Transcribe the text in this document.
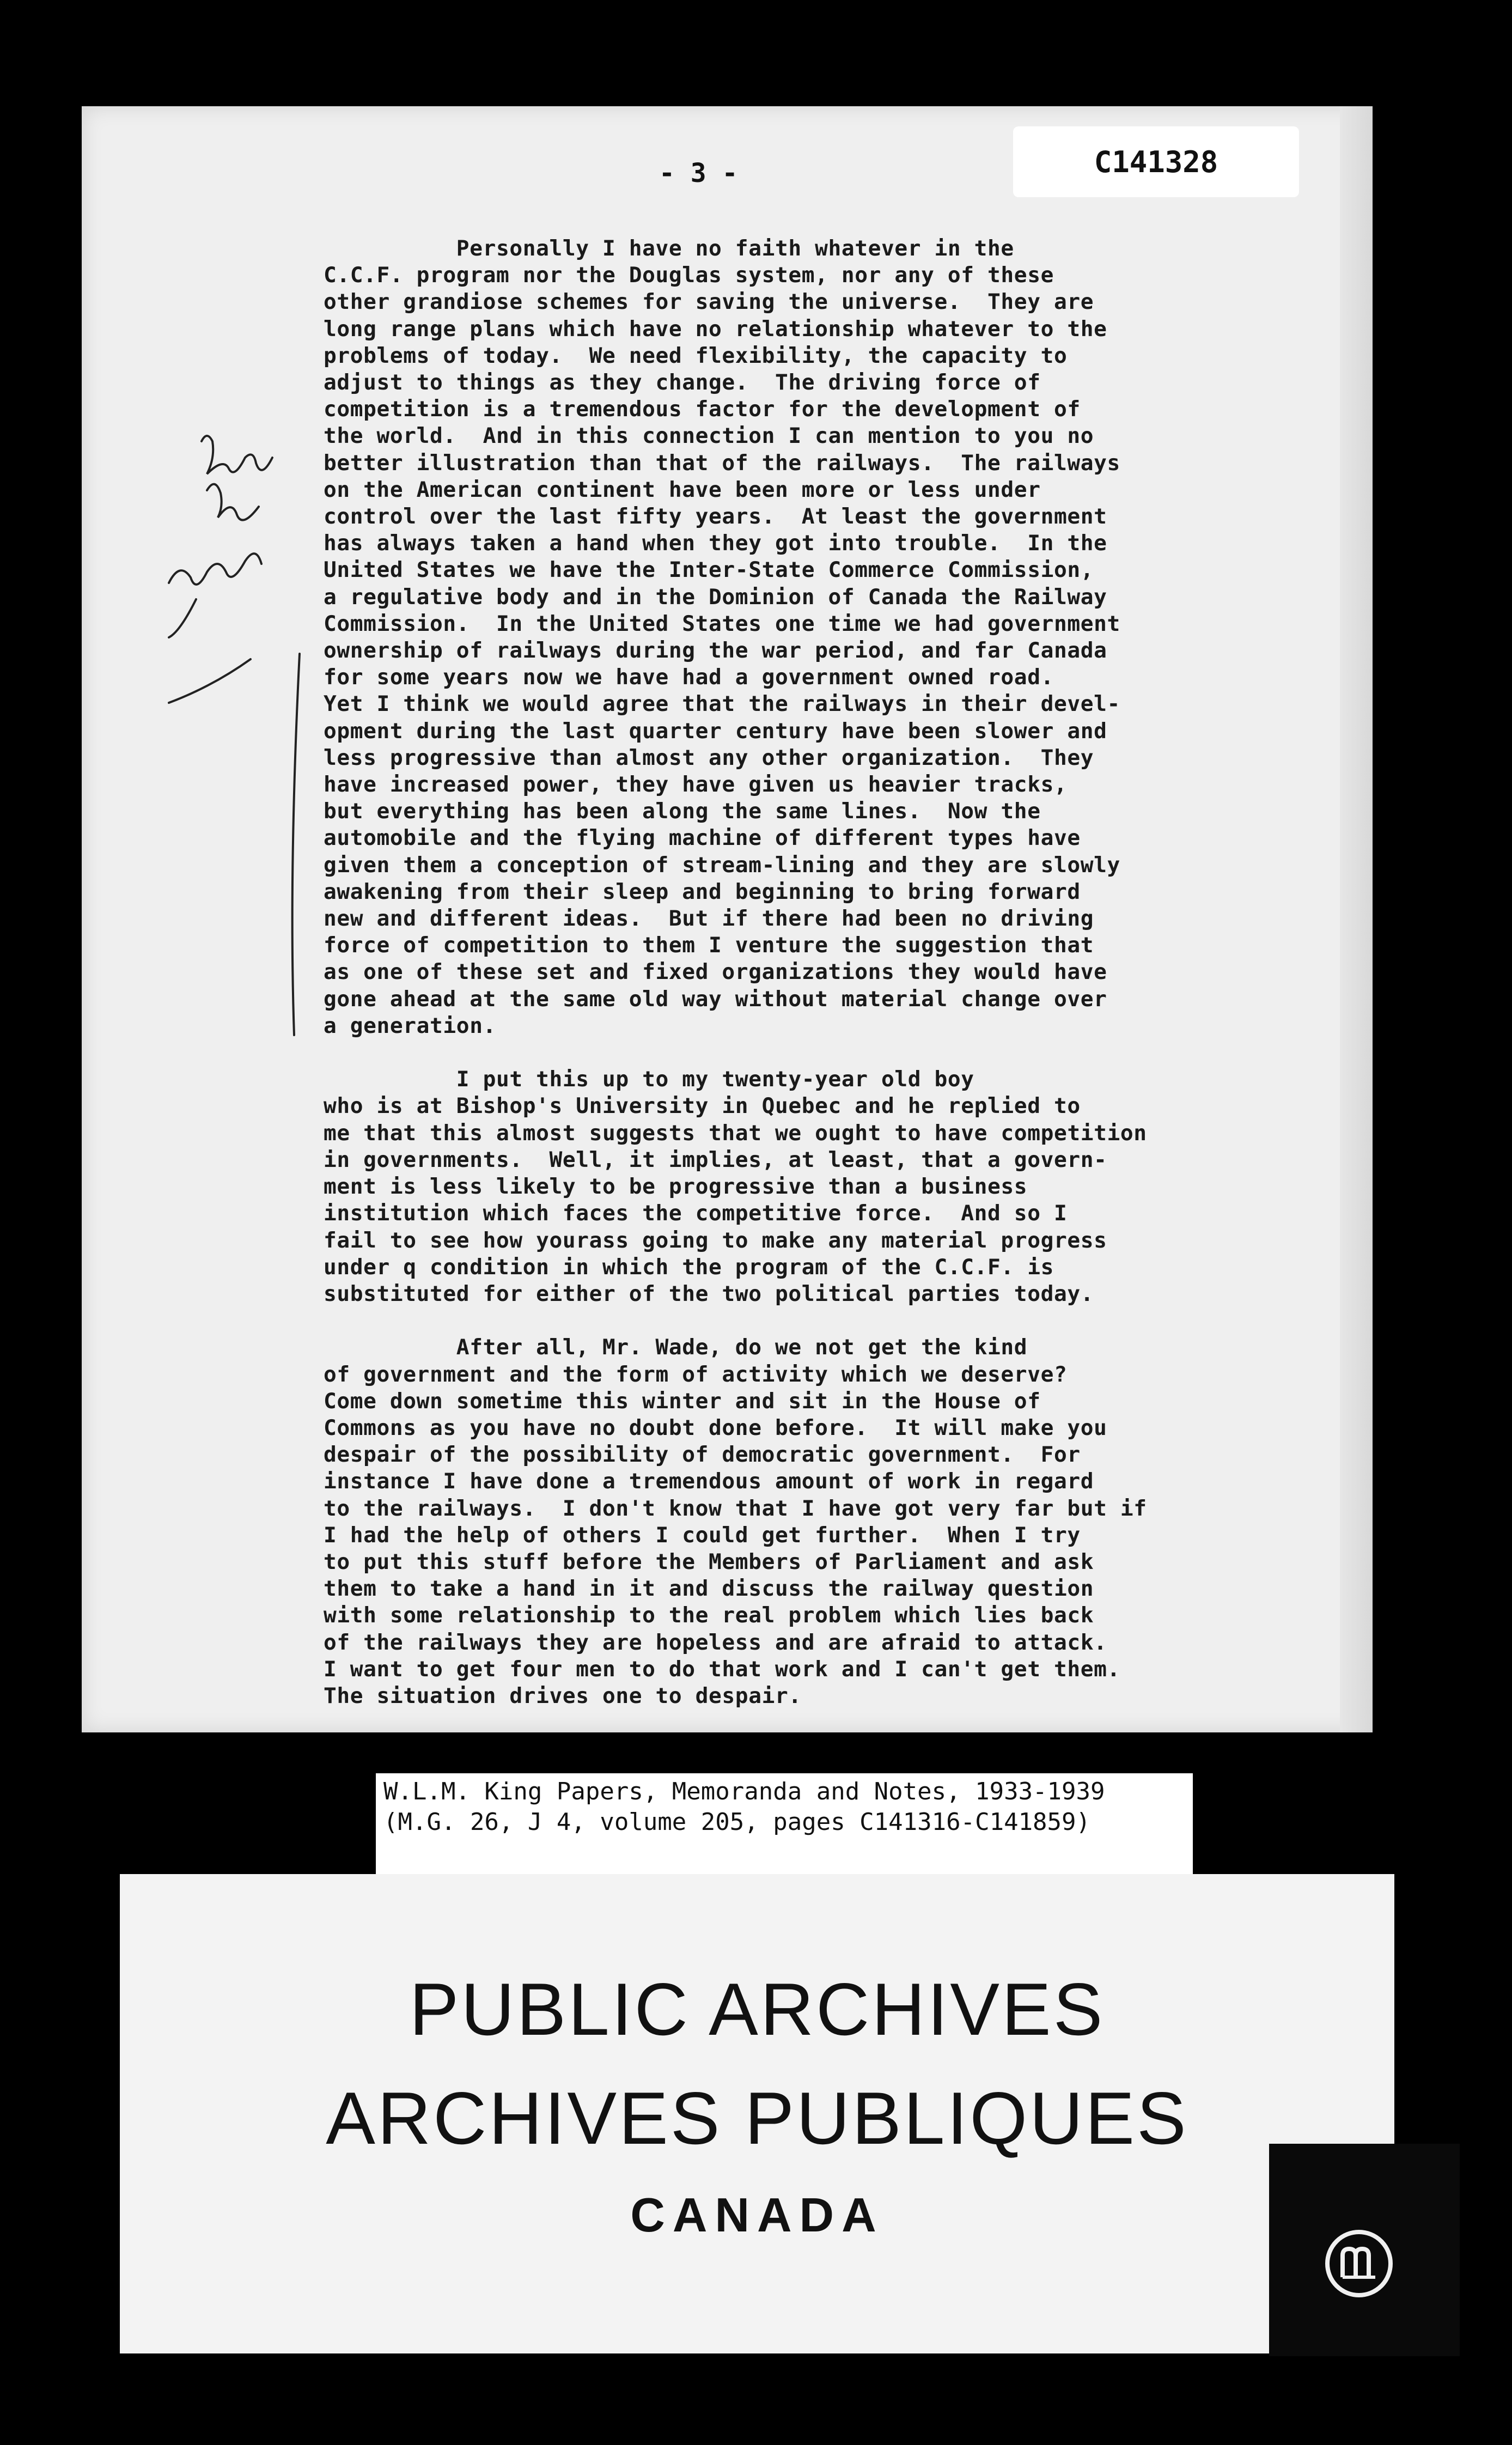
- 3 -	C141328

Personally I have no faith whatever in the
C.C.F. program nor the Douglas system, nor any of these
other grandiose schemes for saving the universe.  They are
long range plans which have no relationship whatever to the
problems of today.  We need flexibility, the capacity to
adjust to things as they change.  The driving force of
competition is a tremendous factor for the development of
the world.  And in this connection I can mention to you no
better illustration than that of the railways.  The railways
on the American continent have been more or less under
control over the last fifty years.  At least the government
has always taken a hand when they got into trouble.  In the
United States we have the Inter-State Commerce Commission,
a regulative body and in the Dominion of Canada the Railway
Commission.  In the United States one time we had government
ownership of railways during the war period, and far Canada
for some years now we have had a government owned road.
Yet I think we would agree that the railways in their devel-
opment during the last quarter century have been slower and
less progressive than almost any other organization.  They
have increased power, they have given us heavier tracks,
but everything has been along the same lines.  Now the
automobile and the flying machine of different types have
given them a conception of stream-lining and they are slowly
awakening from their sleep and beginning to bring forward
new and different ideas.  But if there had been no driving
force of competition to them I venture the suggestion that
as one of these set and fixed organizations they would have
gone ahead at the same old way without material change over
a generation.

I put this up to my twenty-year old boy
who is at Bishop's University in Quebec and he replied to
me that this almost suggests that we ought to have competition
in governments.  Well, it implies, at least, that a govern-
ment is less likely to be progressive than a business
institution which faces the competitive force.  And so I
fail to see how yourass going to make any material progress
under q condition in which the program of the C.C.F. is
substituted for either of the two political parties today.

After all, Mr. Wade, do we not get the kind
of government and the form of activity which we deserve?
Come down sometime this winter and sit in the House of
Commons as you have no doubt done before.  It will make you
despair of the possibility of democratic government.  For
instance I have done a tremendous amount of work in regard
to the railways.  I don't know that I have got very far but if
I had the help of others I could get further.  When I try
to put this stuff before the Members of Parliament and ask
them to take a hand in it and discuss the railway question
with some relationship to the real problem which lies back
of the railways they are hopeless and are afraid to attack.
I want to get four men to do that work and I can't get them.
The situation drives one to despair.

W.L.M. King Papers, Memoranda and Notes, 1933-1939
(M.G. 26, J 4, volume 205, pages C141316-C141859)
PUBLIC ARCHIVES
ARCHIVES PUBLIQUES
CANADA
